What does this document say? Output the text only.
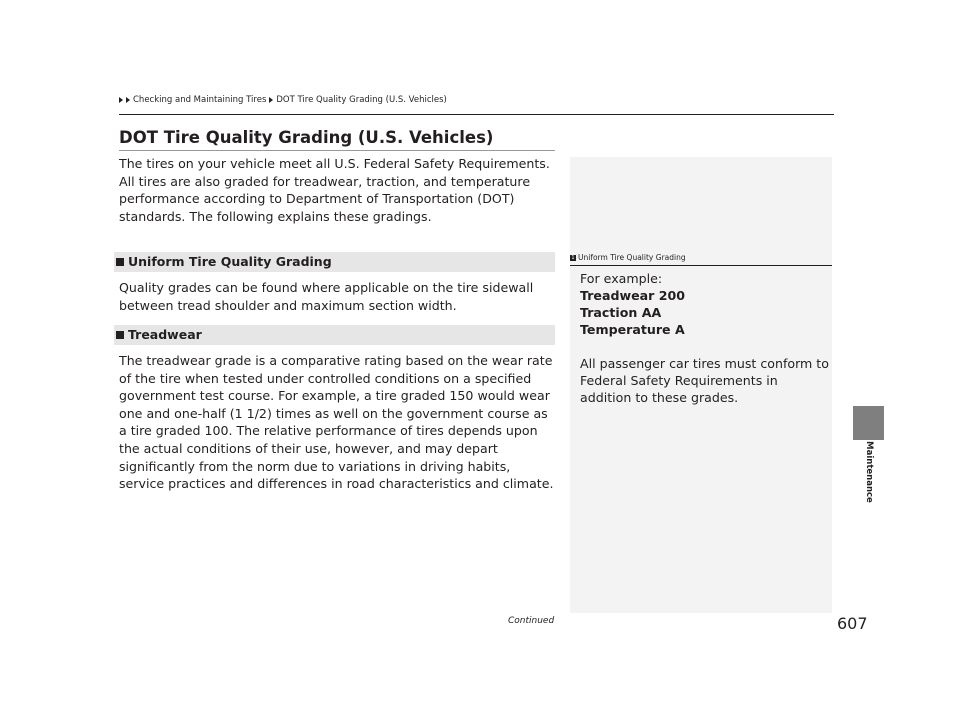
Checking and Maintaining Tires DOT Tire Quality Grading (U.S. Vehicles)
DOT Tire Quality Grading (U.S. Vehicles)

The tires on your vehicle meet all U.S. Federal Safety Requirements. All tires are also graded for treadwear, traction, and temperature performance according to Department of Transportation (DOT) standards. The following explains these gradings.

Uniform Tire Quality Grading

Quality grades can be found where applicable on the tire sidewall between tread shoulder and maximum section width.

Treadwear

The treadwear grade is a comparative rating based on the wear rate of the tire when tested under controlled conditions on a specified government test course. For example, a tire graded 150 would wear one and one-half (1 1/2) times as well on the government course as a tire graded 100. The relative performance of tires depends upon the actual conditions of their use, however, and may depart significantly from the norm due to variations in driving habits, service practices and differences in road characteristics and climate.

1 Uniform Tire Quality Grading

For example:

Treadwear 200

Traction AA

Temperature A

All passenger car tires must conform to Federal Safety Requirements in addition to these grades.

Maintenance
Continued	607
